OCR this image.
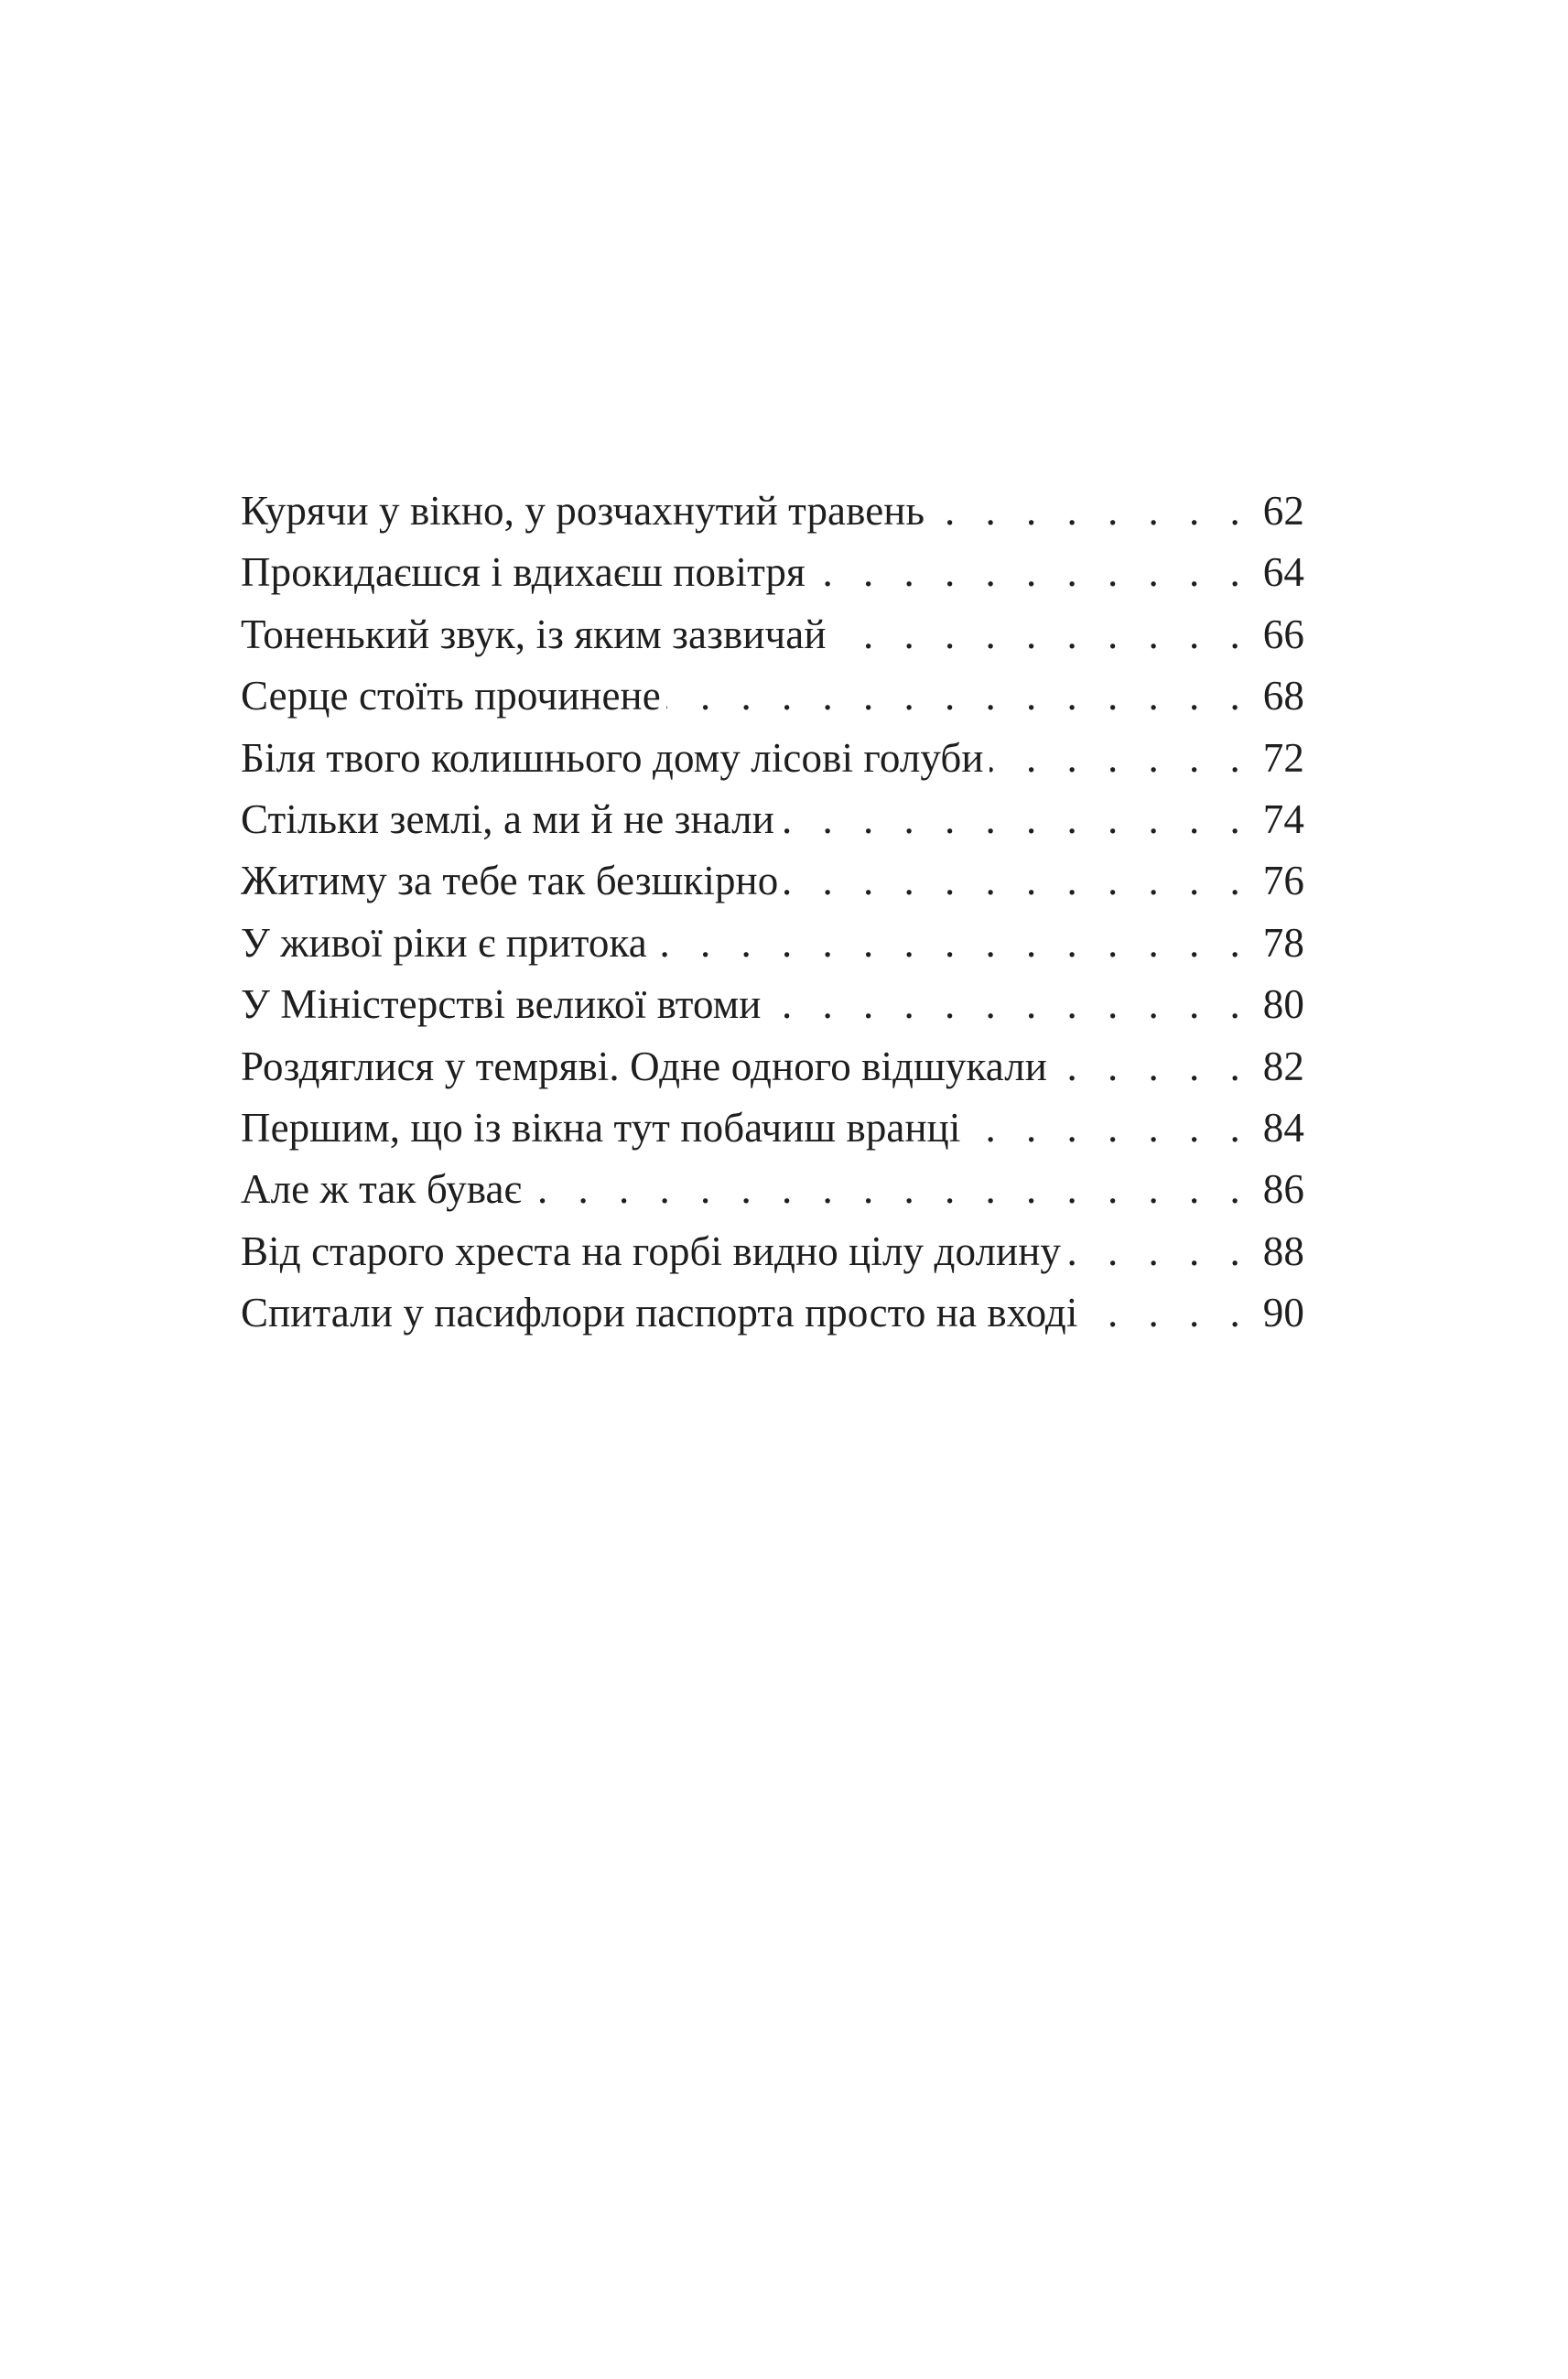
Курячи у вікно, у розчахнутий травень . . .	62
Прокидаєшся і вдихаєш повітря . . .	64
Тоненький звук, із яким зазвичай . . .	66
Серце стоїть прочинене . . .	68
Біля твого колишнього дому лісові голуби . . .	72
Стільки землі, а ми й не знали . . .	74
Житиму за тебе так безшкірно . . .	76
У живої ріки є притока . . .	78
У Міністерстві великої втоми . . .	80
Роздяглися у темряві. Одне одного відшукали . . .	82
Першим, що із вікна тут побачиш вранці . . .	84
Але ж так буває . . .	86
Від старого хреста на горбі видно цілу долину . . .	88
Спитали у пасифлори паспорта просто на вході . . .	90
